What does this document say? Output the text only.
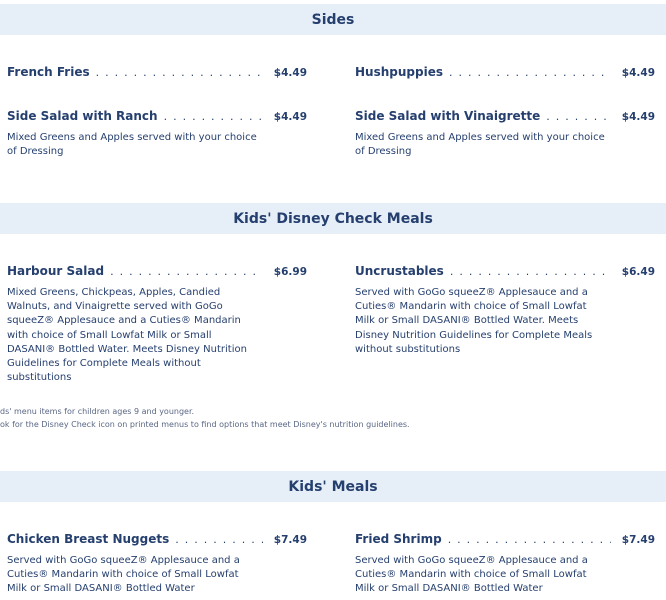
Sides
French Fries .....	$4.49	Hushpuppies .....	$4.49
Side Salad with Ranch .....	$4.49
Mixed Greens and Apples served with your choice of Dressing
Side Salad with Vinaigrette .....	$4.49
Mixed Greens and Apples served with your choice of Dressing
Kids' Disney Check Meals
Harbour Salad .....	$6.99
Mixed Greens, Chickpeas, Apples, Candied Walnuts, and Vinaigrette served with GoGo squeeZ® Applesauce and a Cuties® Mandarin with choice of Small Lowfat Milk or Small DASANI® Bottled Water. Meets Disney Nutrition Guidelines for Complete Meals without substitutions
Uncrustables .....	$6.49
Served with GoGo squeeZ® Applesauce and a Cuties® Mandarin with choice of Small Lowfat Milk or Small DASANI® Bottled Water. Meets Disney Nutrition Guidelines for Complete Meals without substitutions
ds' menu items for children ages 9 and younger.
ok for the Disney Check icon on printed menus to find options that meet Disney's nutrition guidelines.
Kids' Meals
Chicken Breast Nuggets .....	$7.49
Served with GoGo squeeZ® Applesauce and a Cuties® Mandarin with choice of Small Lowfat Milk or Small DASANI® Bottled Water
Fried Shrimp .....	$7.49
Served with GoGo squeeZ® Applesauce and a Cuties® Mandarin with choice of Small Lowfat Milk or Small DASANI® Bottled Water
